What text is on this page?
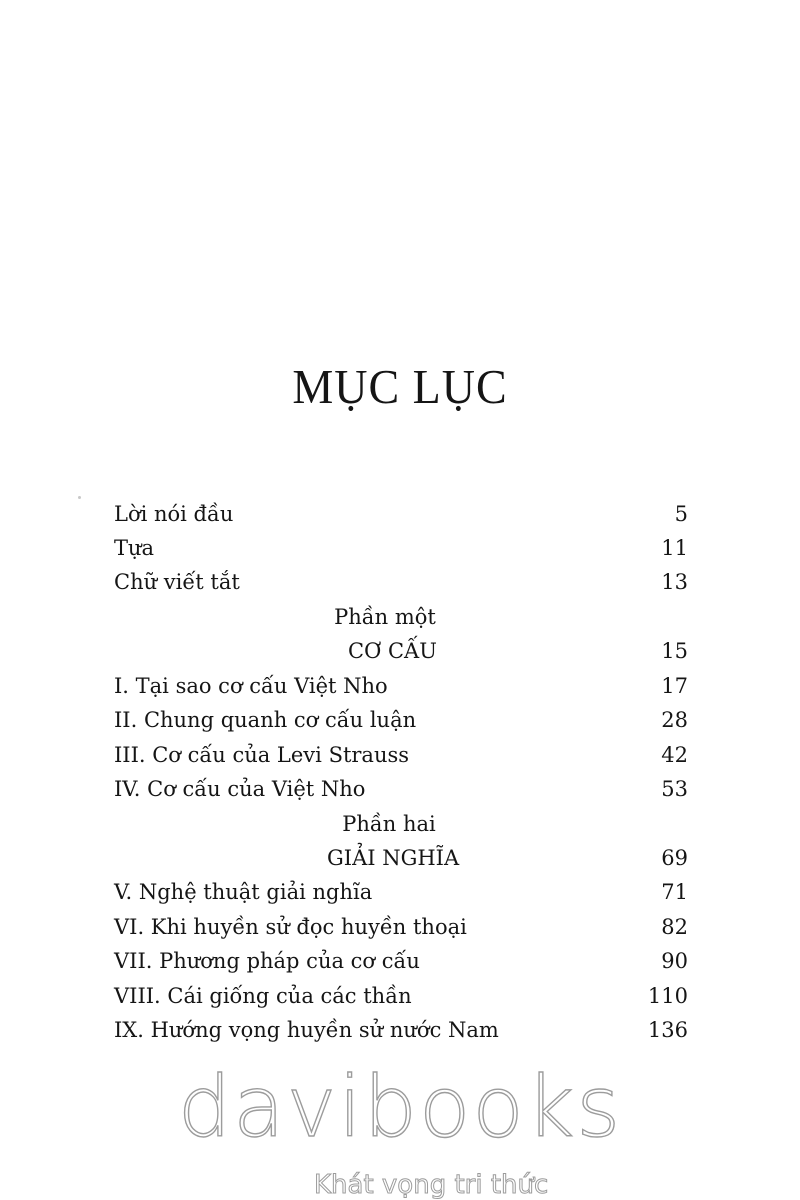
MỤC LỤC
Lời nói đầu	5
Tựa	11
Chữ viết tắt	13
Phần một
CƠ CẤU	15
I. Tại sao cơ cấu Việt Nho	17
II. Chung quanh cơ cấu luận	28
III. Cơ cấu của Levi Strauss	42
IV. Cơ cấu của Việt Nho	53
Phần hai
GIẢI NGHĨA	69
V. Nghệ thuật giải nghĩa	71
VI. Khi huyền sử đọc huyền thoại	82
VII. Phương pháp của cơ cấu	90
VIII. Cái giống của các thần	110
IX. Hướng vọng huyền sử nước Nam	136
davibooks
Khát vọng tri thức
